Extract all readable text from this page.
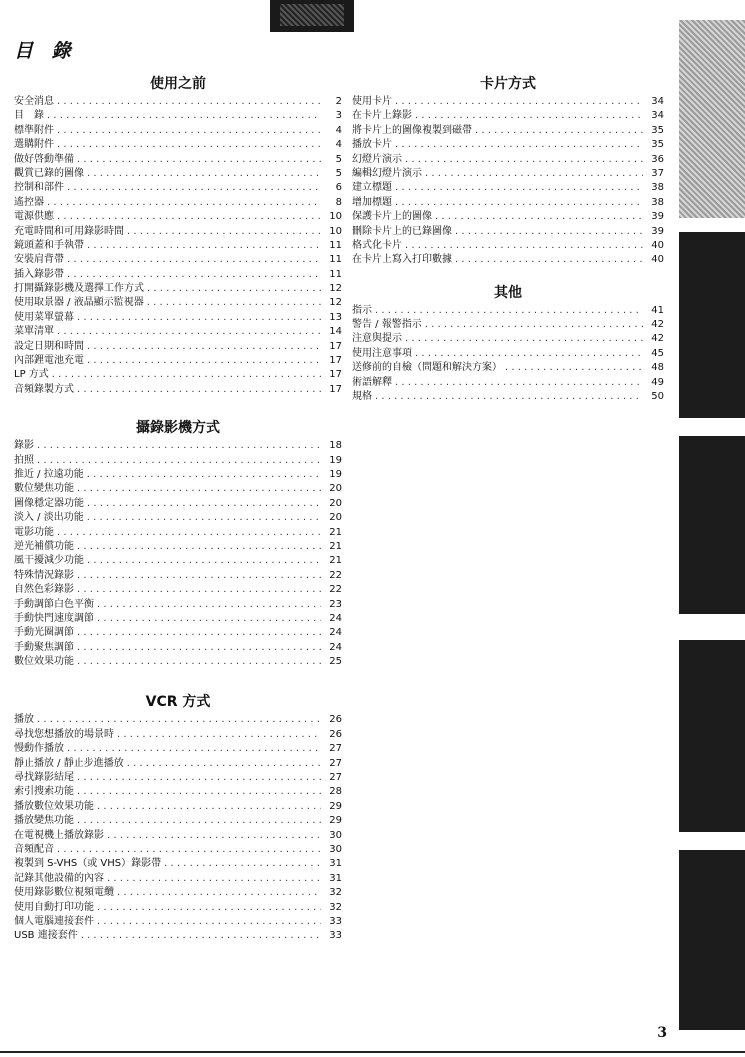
目 錄
使用之前
安全消息 . . .	2
目　錄 . . .	3
標準附件 . . .	4
選購附件 . . .	4
做好啓動準備 . . .	5
觀賞已錄的圖像 . . .	5
控制和部件 . . .	6
遙控器 . . .	8
電源供應 . . .	10
充電時間和可用錄影時間 . . .	10
鏡頭蓋和手執帶 . . .	11
安裝肩背帶 . . .	11
插入錄影帶 . . .	11
打開攝錄影機及選擇工作方式 . . .	12
使用取景器 / 液晶顯示監視器 . . .	12
使用菜單螢幕 . . .	13
菜單清單 . . .	14
設定日期和時間 . . .	17
內部鋰電池充電 . . .	17
LP 方式 . . .	17
音頻錄製方式 . . .	17
攝錄影機方式
錄影 . . .	18
拍照 . . .	19
推近 / 拉遠功能 . . .	19
數位變焦功能 . . .	20
圖像穩定器功能 . . .	20
淡入 / 淡出功能 . . .	20
電影功能 . . .	21
逆光補償功能 . . .	21
風干擾減少功能 . . .	21
特殊情況錄影 . . .	22
自然色彩錄影 . . .	22
手動調節白色平衡 . . .	23
手動快門速度調節 . . .	24
手動光圈調節 . . .	24
手動聚焦調節 . . .	24
數位效果功能 . . .	25
VCR 方式
播放 . . .	26
尋找您想播放的場景時 . . .	26
慢動作播放 . . .	27
靜止播放 / 靜止步進播放 . . .	27
尋找錄影結尾 . . .	27
索引搜索功能 . . .	28
播放數位效果功能 . . .	29
播放變焦功能 . . .	29
在電視機上播放錄影 . . .	30
音頻配音 . . .	30
複製到 S-VHS（或 VHS）錄影帶 . . .	31
記錄其他設備的內容 . . .	31
使用錄影數位視頻電纜 . . .	32
使用自動打印功能 . . .	32
個人電腦連接套件 . . .	33
USB 連接套件 . . .	33
卡片方式
使用卡片 . . .	34
在卡片上錄影 . . .	34
將卡片上的圖像複製到磁帶 . . .	35
播放卡片 . . .	35
幻燈片演示 . . .	36
編輯幻燈片演示 . . .	37
建立標題 . . .	38
增加標題 . . .	38
保護卡片上的圖像 . . .	39
刪除卡片上的已錄圖像 . . .	39
格式化卡片 . . .	40
在卡片上寫入打印數據 . . .	40
其他
指示 . . .	41
警告 / 報警指示 . . .	42
注意與提示 . . .	42
使用注意事項 . . .	45
送修前的自檢（問題和解決方案） . . .	48
術語解釋 . . .	49
規格 . . .	50
3
